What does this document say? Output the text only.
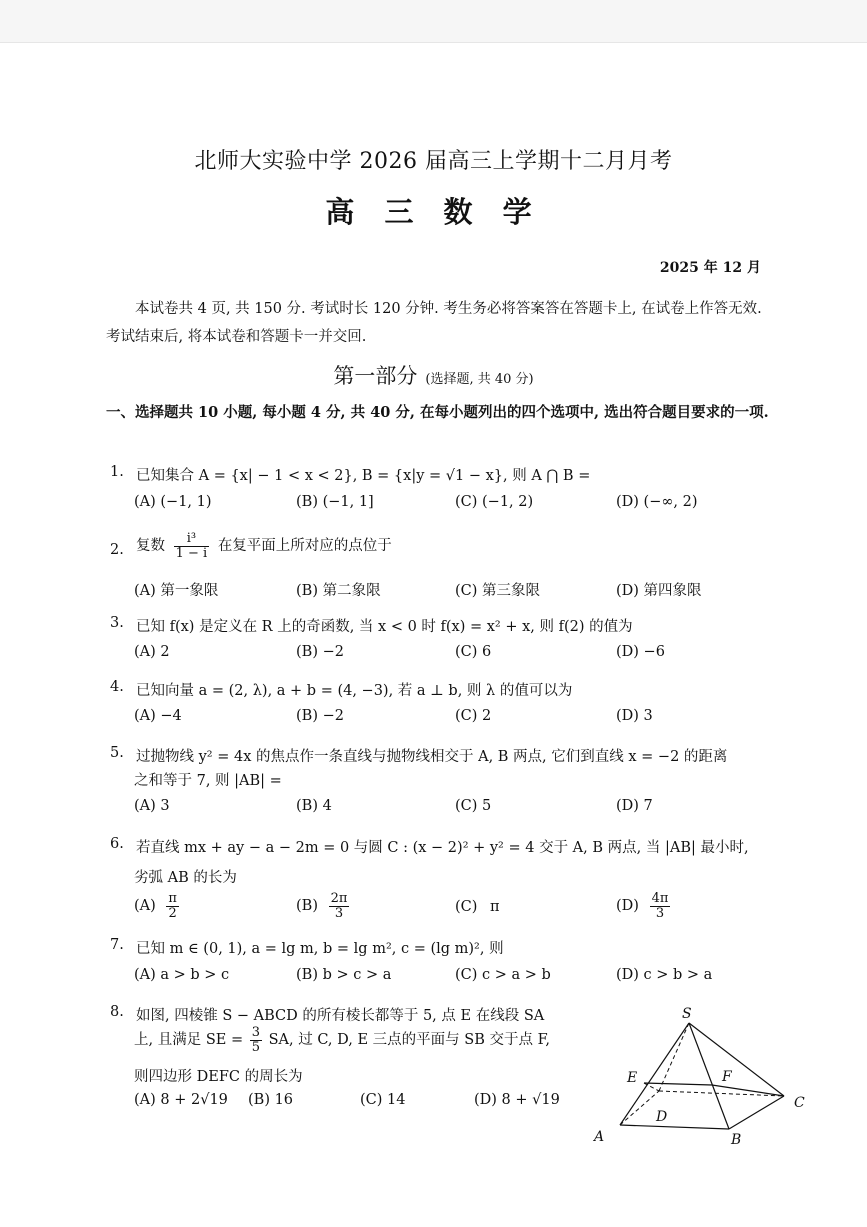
北师大实验中学 2026 届高三上学期十二月月考
高 三 数 学
2025 年 12 月
本试卷共 4 页, 共 150 分. 考试时长 120 分钟. 考生务必将答案答在答题卡上, 在试卷上作答无效. 考试结束后, 将本试卷和答题卡一并交回.
第一部分 (选择题, 共 40 分)
一、选择题共 10 小题, 每小题 4 分, 共 40 分, 在每小题列出的四个选项中, 选出符合题目要求的一项.
1. 已知集合 A = {x| − 1 < x < 2}, B = {x|y = √1 − x}, 则 A ⋂ B =
(A) (−1, 1)	(B) (−1, 1]	(C) (−1, 2)	(D) (−∞, 2)
2. 复数 $\frac{\text{i³}}{1 - i}$ 在复平面上所对应的点位于
(A) 第一象限	(B) 第二象限	(C) 第三象限	(D) 第四象限
3. 已知 f(x) 是定义在 R 上的奇函数, 当 x < 0 时 f(x) = x² + x, 则 f(2) 的值为
(A) 2	(B) −2	(C) 6	(D) −6
4. 已知向量 a = (2, λ), a + b = (4, −3), 若 a ⊥ b, 则 λ 的值可以为
(A) −4	(B) −2	(C) 2	(D) 3
5. 过抛物线 y² = 4x 的焦点作一条直线与抛物线相交于 A, B 两点, 它们到直线 x = −2 的距离
之和等于 7, 则 |AB| =
(A) 3	(B) 4	(C) 5	(D) 7
6. 若直线 mx + ay − a − 2m = 0 与圆 C : (x − 2)² + y² = 4 交于 A, B 两点, 当 |AB| 最小时,
劣弧 AB 的长为
$(A) \frac{\pi}{2}$	$(B) \frac{2\pi}{3}$	(C) π	$(D) \frac{4\pi}{3}$
7. 已知 m ∈ (0, 1), a = lg m, b = lg m², c = (lg m)², 则
(A) a > b > c	(B) b > c > a	(C) c > a > b	(D) c > b > a
8. 如图, 四棱锥 S − ABCD 的所有棱长都等于 5, 点 E 在线段 SA
上, 且满足 SE = $\frac{3}{5}$ SA, 过 C, D, E 三点的平面与 SB 交于点 F,
则四边形 DEFC 的周长为
(A) 8 + 2√19 (B) 16	(C) 14	(D) 8 + √19
S
E	F
D
C
A	B
